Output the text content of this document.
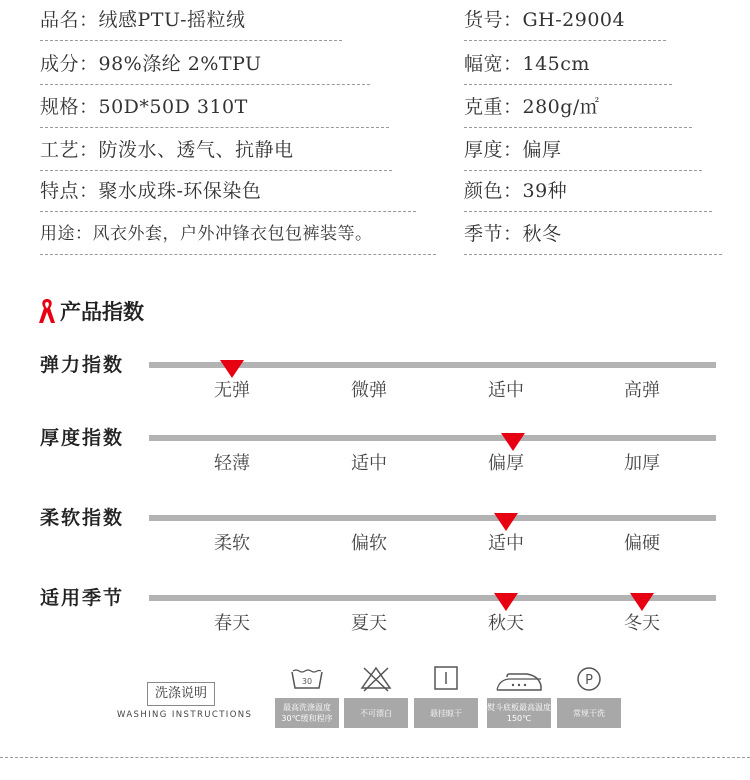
品名：绒感PTU-摇粒绒
成分：98%涤纶 2%TPU
规格：50D*50D 310T
工艺：防泼水、透气、抗静电
特点：聚水成珠-环保染色
用途：风衣外套，户外冲锋衣包包裤装等。
货号：GH-29004
幅宽：145cm
克重：280g/㎡
厚度：偏厚
颜色：39种
季节：秋冬
产品指数
弹力指数
无弹	微弹	适中	高弹
厚度指数
轻薄	适中	偏厚	加厚
柔软指数
柔软	偏软	适中	偏硬
适用季节
春天	夏天	秋天	冬天
洗涤说明
WASHING INSTRUCTIONS
30
最高洗涤温度30℃缓和程序
不可漂白	悬挂晾干
熨斗底板最高温度150℃
P
常规干洗
